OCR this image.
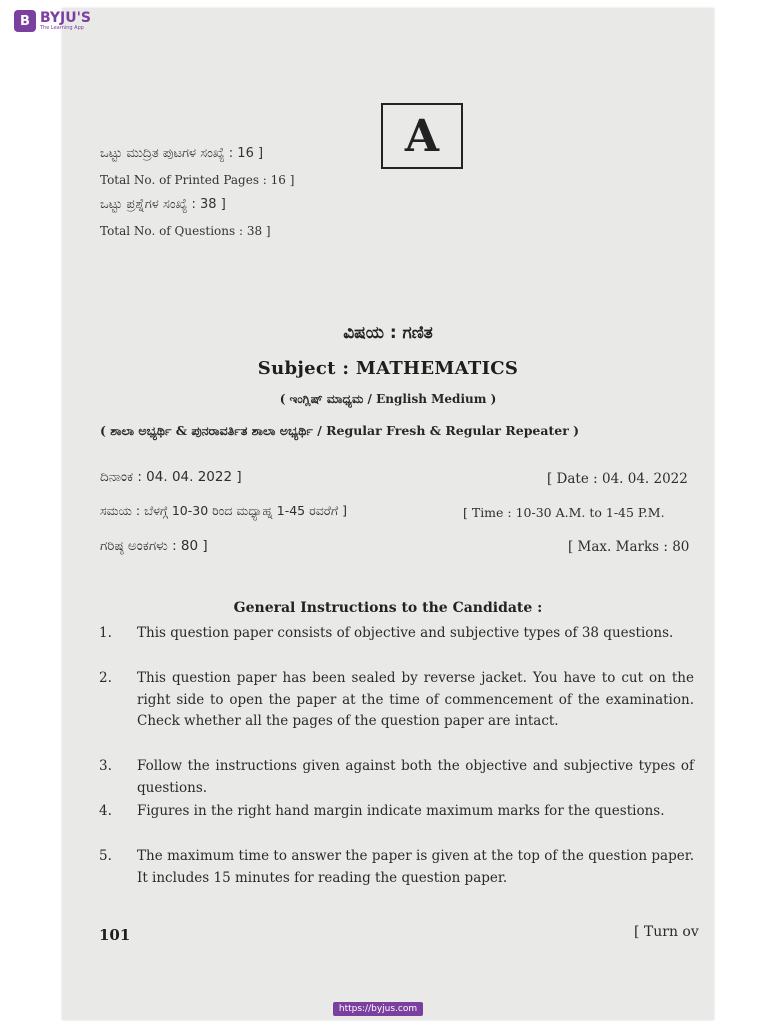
B BYJU'S
The Learning App
A
ಒಟ್ಟು ಮುದ್ರಿತ ಪುಟಗಳ ಸಂಖ್ಯೆ : 16 ]
Total No. of Printed Pages : 16 ]
ಒಟ್ಟು ಪ್ರಶ್ನೆಗಳ ಸಂಖ್ಯೆ : 38 ]
Total No. of Questions : 38 ]
ವಿಷಯ : ಗಣಿತ
Subject : MATHEMATICS
( ಇಂಗ್ಲಿಷ್ ಮಾಧ್ಯಮ / English Medium )
( ಶಾಲಾ ಅಭ್ಯರ್ಥಿ & ಪುನರಾವರ್ತಿತ ಶಾಲಾ ಅಭ್ಯರ್ಥಿ / Regular Fresh & Regular Repeater )
ದಿನಾಂಕ : 04. 04. 2022 ]	[ Date : 04. 04. 2022
ಸಮಯ : ಬೆಳಗ್ಗೆ 10-30 ರಿಂದ ಮಧ್ಯಾಹ್ನ 1-45 ರವರೆಗೆ ]	[ Time : 10-30 A.M. to 1-45 P.M.
ಗರಿಷ್ಠ ಅಂಕಗಳು : 80 ]	[ Max. Marks : 80
General Instructions to the Candidate :
1.	This question paper consists of objective and subjective types of 38 questions.
2.	This question paper has been sealed by reverse jacket. You have to cut on the right side to open the paper at the time of commencement of the examination. Check whether all the pages of the question paper are intact.
3.	Follow the instructions given against both the objective and subjective types of questions.
4.	Figures in the right hand margin indicate maximum marks for the questions.
5.	The maximum time to answer the paper is given at the top of the question paper. It includes 15 minutes for reading the question paper.
101	[ Turn ov
https://byjus.com
